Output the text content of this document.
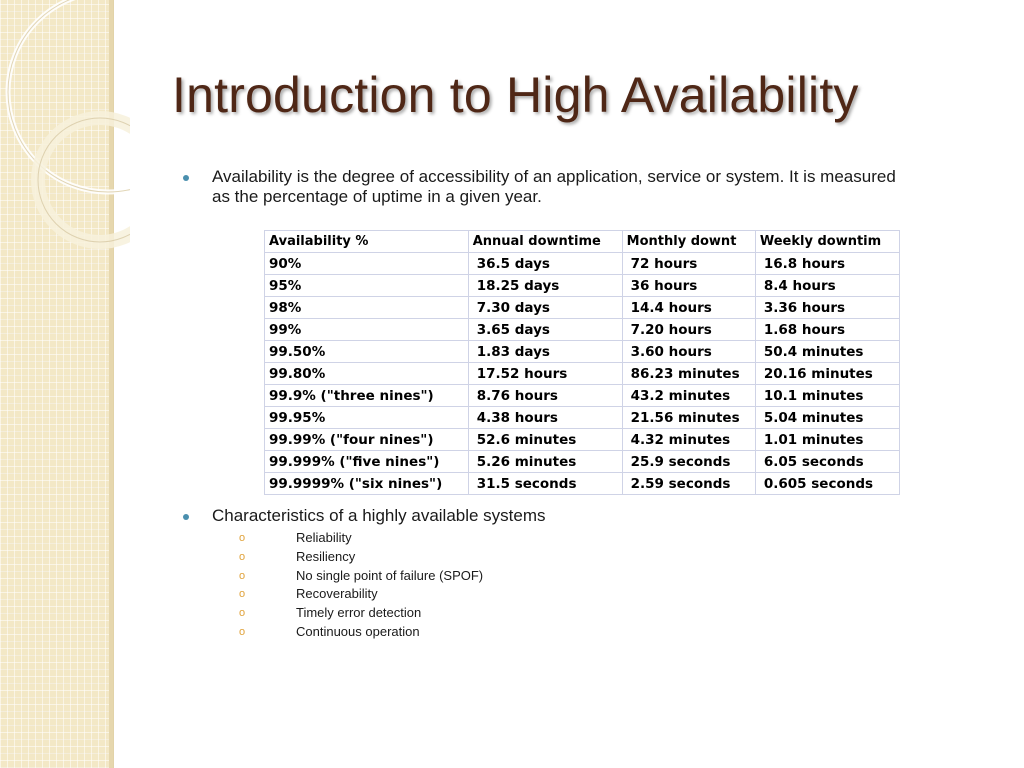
Introduction to High Availability
Availability is the degree of accessibility of an application, service or system. It is measured as the percentage of uptime in a given year.
Availability %	Annual downtime	Monthly downt	Weekly downtim
90%	36.5 days	72 hours	16.8 hours
95%	18.25 days	36 hours	8.4 hours
98%	7.30 days	14.4 hours	3.36 hours
99%	3.65 days	7.20 hours	1.68 hours
99.50%	1.83 days	3.60 hours	50.4 minutes
99.80%	17.52 hours	86.23 minutes	20.16 minutes
99.9% ("three nines")	8.76 hours	43.2 minutes	10.1 minutes
99.95%	4.38 hours	21.56 minutes	5.04 minutes
99.99% ("four nines")	52.6 minutes	4.32 minutes	1.01 minutes
99.999% ("five nines")	5.26 minutes	25.9 seconds	6.05 seconds
99.9999% ("six nines")	31.5 seconds	2.59 seconds	0.605 seconds
Characteristics of a highly available systems
o	Reliability
o	Resiliency
o	No single point of failure (SPOF)
o	Recoverability
o	Timely error detection
o	Continuous operation
